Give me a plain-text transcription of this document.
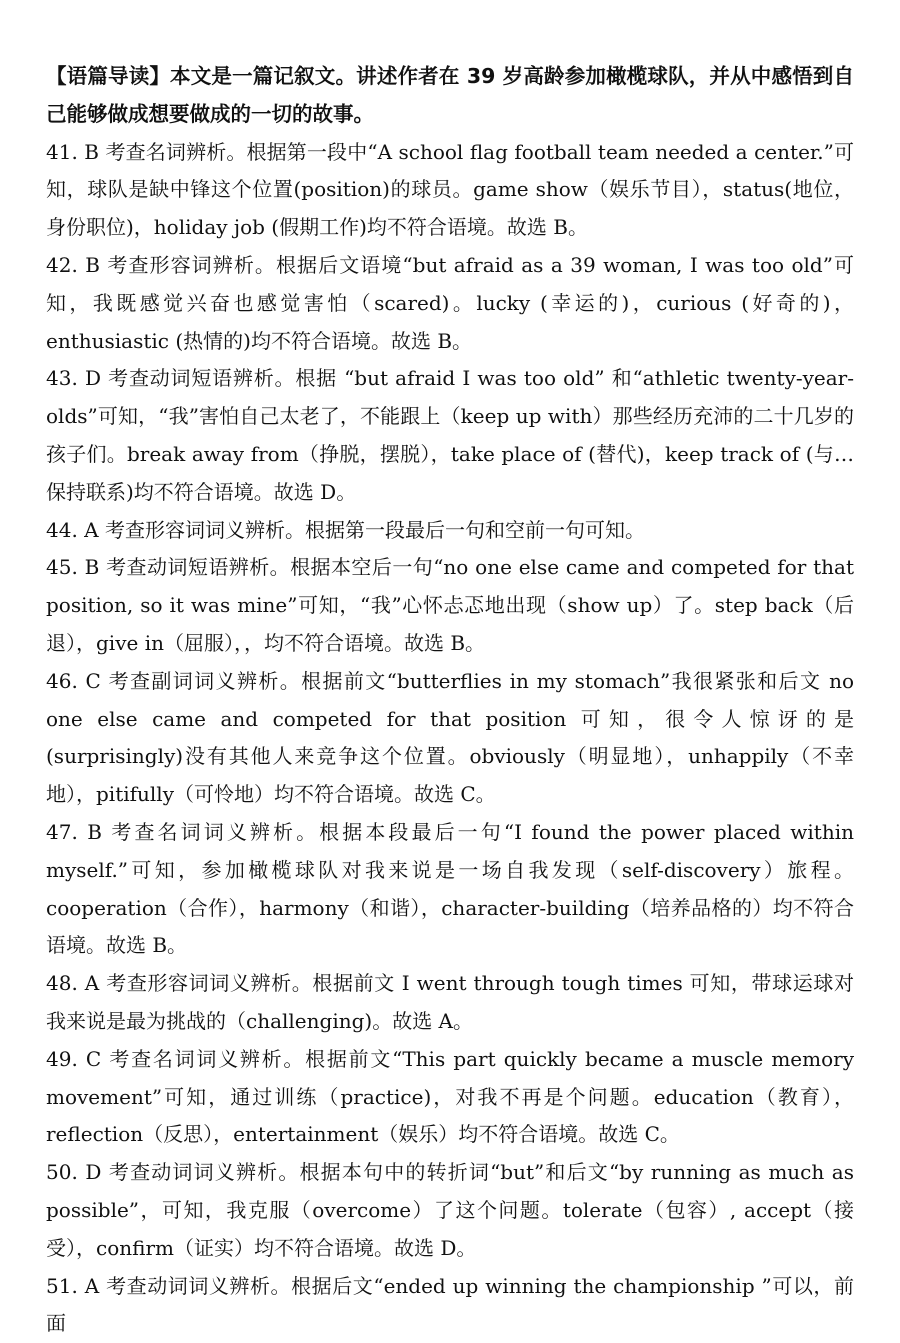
【语篇导读】本文是一篇记叙文。讲述作者在 39 岁高龄参加橄榄球队，并从中感悟到自己能够做成想要做成的一切的故事。

41. B 考查名词辨析。根据第一段中“A school flag football team needed a center.”可知，球队是缺中锋这个位置(position)的球员。game show（娱乐节目），status(地位，身份职位)，holiday job (假期工作)均不符合语境。故选 B。

42. B 考查形容词辨析。根据后文语境“but afraid as a 39 woman, I was too old”可知，我既感觉兴奋也感觉害怕（scared)。lucky (幸运的)，curious (好奇的)，enthusiastic (热情的)均不符合语境。故选 B。

43. D 考查动词短语辨析。根据 “but afraid I was too old” 和“athletic twenty-year-olds”可知，“我”害怕自己太老了，不能跟上（keep up with）那些经历充沛的二十几岁的孩子们。break away from（挣脱，摆脱），take place of (替代)，keep track of (与…保持联系)均不符合语境。故选 D。

44. A 考查形容词词义辨析。根据第一段最后一句和空前一句可知。

45. B 考查动词短语辨析。根据本空后一句“no one else came and competed for that position, so it was mine”可知，“我”心怀忐忑地出现（show up）了。step back（后退），give in（屈服），，均不符合语境。故选 B。

46. C 考查副词词义辨析。根据前文“butterflies in my stomach”我很紧张和后文 no one else came and competed for that position 可知，很令人惊讶的是 (surprisingly)没有其他人来竞争这个位置。obviously（明显地），unhappily（不幸地），pitifully（可怜地）均不符合语境。故选 C。

47. B 考查名词词义辨析。根据本段最后一句“I found the power placed within myself.”可知，参加橄榄球队对我来说是一场自我发现（self-discovery）旅程。cooperation（合作），harmony（和谐），character-building（培养品格的）均不符合语境。故选 B。

48. A 考查形容词词义辨析。根据前文 I went through tough times 可知，带球运球对我来说是最为挑战的（challenging)。故选 A。

49. C 考查名词词义辨析。根据前文“This part quickly became a muscle memory movement”可知，通过训练（practice)，对我不再是个问题。education（教育），reflection（反思），entertainment（娱乐）均不符合语境。故选 C。

50. D 考查动词词义辨析。根据本句中的转折词“but”和后文“by running as much as possible”，可知，我克服（overcome）了这个问题。tolerate（包容）, accept（接受），confirm（证实）均不符合语境。故选 D。

51. A 考查动词词义辨析。根据后文“ended up winning the championship ”可以，前面
